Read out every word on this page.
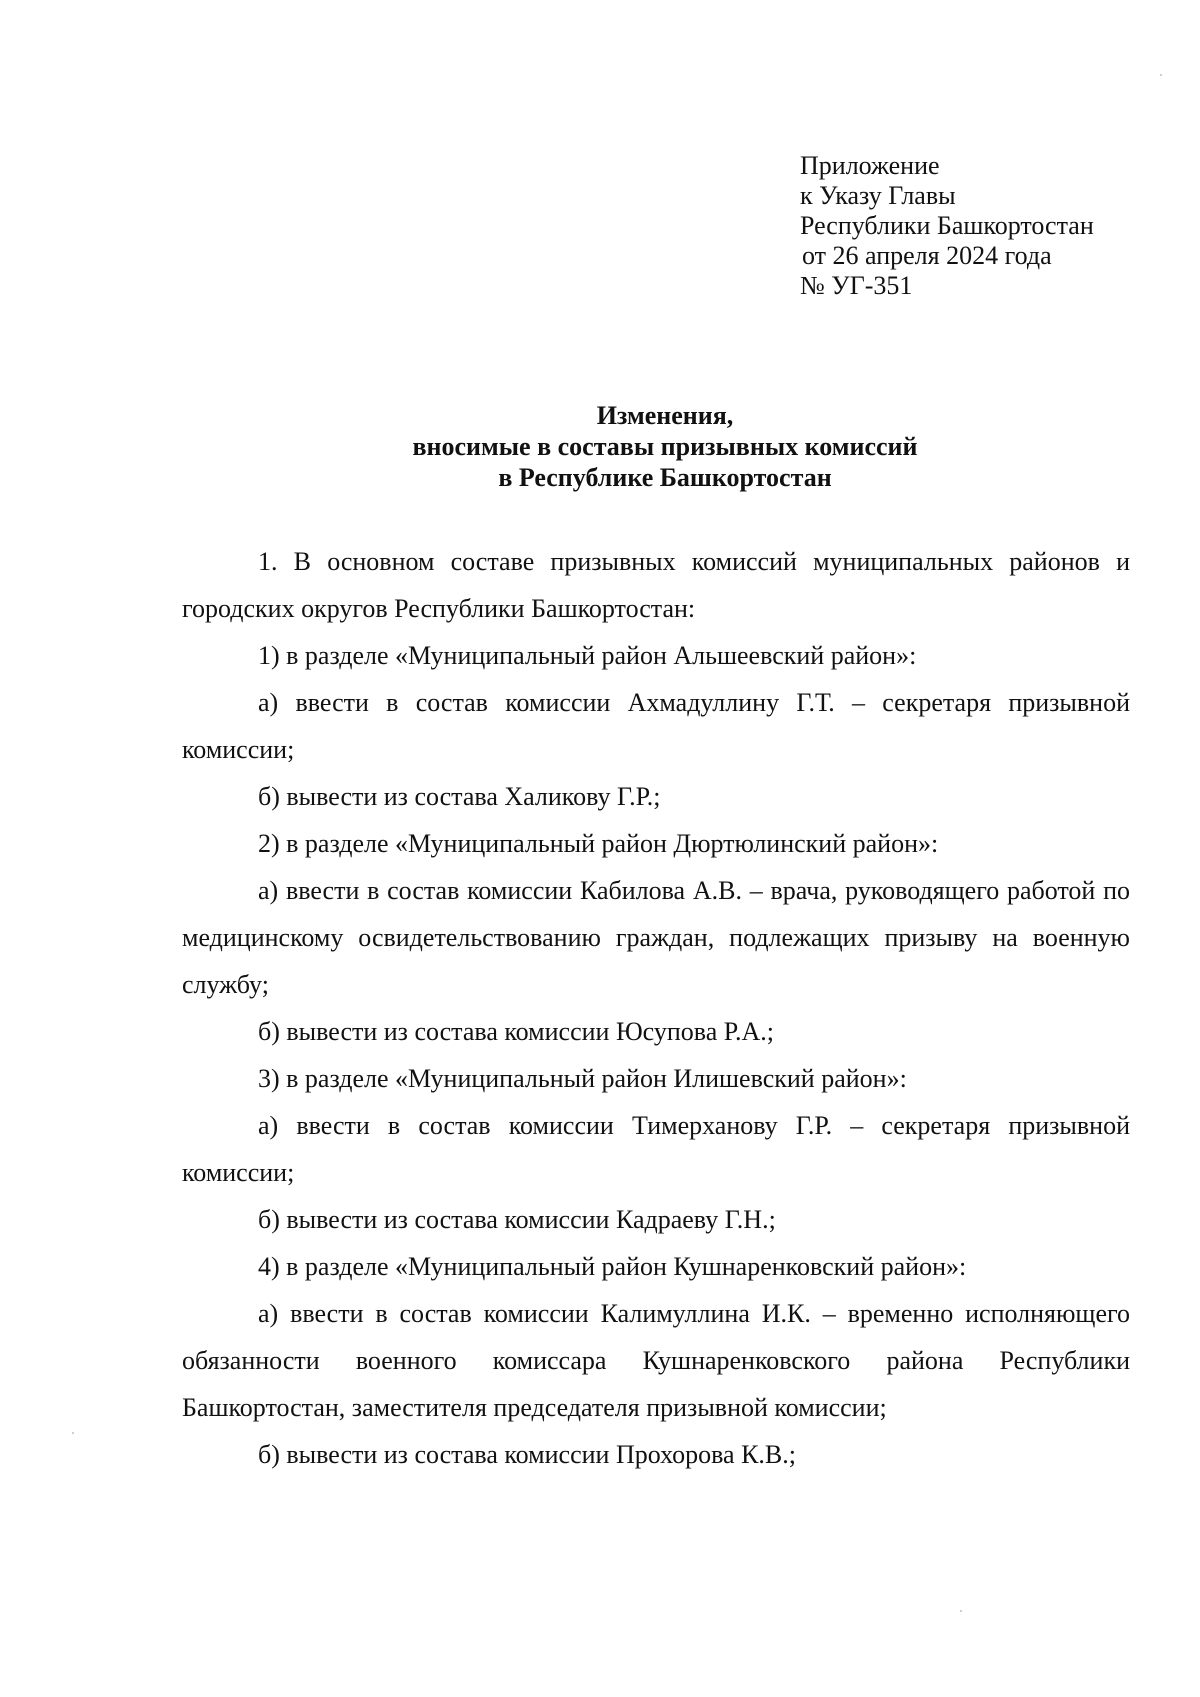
Приложение
к Указу Главы
Республики Башкортостан
от 26 апреля 2024 года
№ УГ-351
Изменения,
вносимые в составы призывных комиссий
в Республике Башкортостан

1. В основном составе призывных комиссий муниципальных районов и городских округов Республики Башкортостан:

1) в разделе «Муниципальный район Альшеевский район»:

а) ввести в состав комиссии Ахмадуллину Г.Т. – секретаря призывной комиссии;

б) вывести из состава Халикову Г.Р.;

2) в разделе «Муниципальный район Дюртюлинский район»:

а) ввести в состав комиссии Кабилова А.В. – врача, руководящего работой по медицинскому освидетельствованию граждан, подлежащих призыву на военную службу;

б) вывести из состава комиссии Юсупова Р.А.;

3) в разделе «Муниципальный район Илишевский район»:

а) ввести в состав комиссии Тимерханову Г.Р. – секретаря призывной комиссии;

б) вывести из состава комиссии Кадраеву Г.Н.;

4) в разделе «Муниципальный район Кушнаренковский район»:

а) ввести в состав комиссии Калимуллина И.К. – временно исполняющего обязанности военного комиссара Кушнаренковского района Республики Башкортостан, заместителя председателя призывной комиссии;

б) вывести из состава комиссии Прохорова К.В.;
